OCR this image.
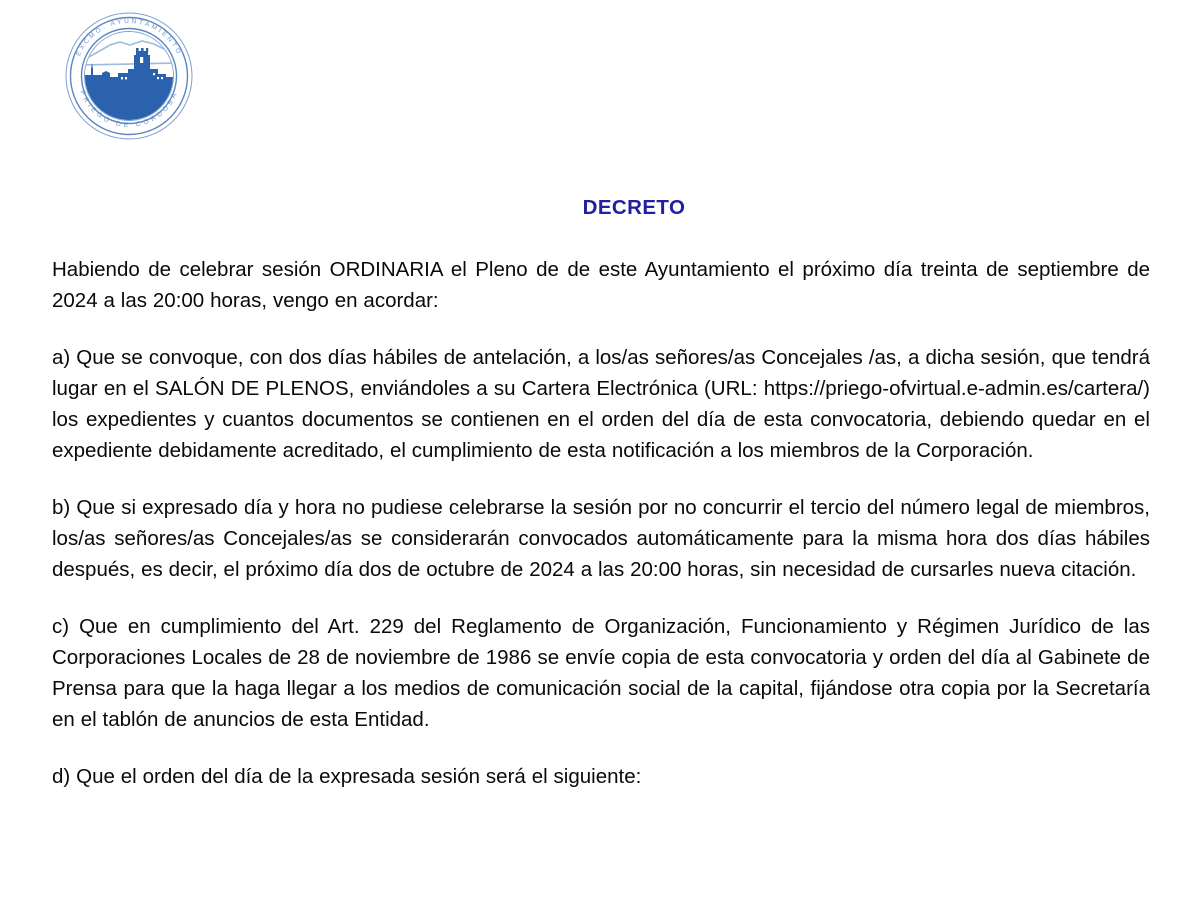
EXCMO. AYUNTAMIENTO
PRIEGO DE CORDOBA
DECRETO

Habiendo de celebrar sesión ORDINARIA el Pleno de de este Ayuntamiento el próximo día treinta de septiembre de 2024 a las 20:00 horas, vengo en acordar:

a) Que se convoque, con dos días hábiles de antelación, a los/as señores/as Concejales /as, a dicha sesión, que tendrá lugar en el SALÓN DE PLENOS, enviándoles a su Cartera Electrónica (URL: https://priego-ofvirtual.e-admin.es/cartera/) los expedientes y cuantos documentos se contienen en el orden del día de esta convocatoria, debiendo quedar en el expediente debidamente acreditado, el cumplimiento de esta notificación a los miembros de la Corporación.

b) Que si expresado día y hora no pudiese celebrarse la sesión por no concurrir el tercio del número legal de miembros, los/as señores/as Concejales/as se considerarán convocados automáticamente para la misma hora dos días hábiles después, es decir, el próximo día dos de octubre de 2024 a las 20:00 horas, sin necesidad de cursarles nueva citación.

c) Que en cumplimiento del Art. 229 del Reglamento de Organización, Funcionamiento y Régimen Jurídico de las Corporaciones Locales de 28 de noviembre de 1986 se envíe copia de esta convocatoria y orden del día al Gabinete de Prensa para que la haga llegar a los medios de comunicación social de la capital, fijándose otra copia por la Secretaría en el tablón de anuncios de esta Entidad.

d) Que el orden del día de la expresada sesión será el siguiente:
